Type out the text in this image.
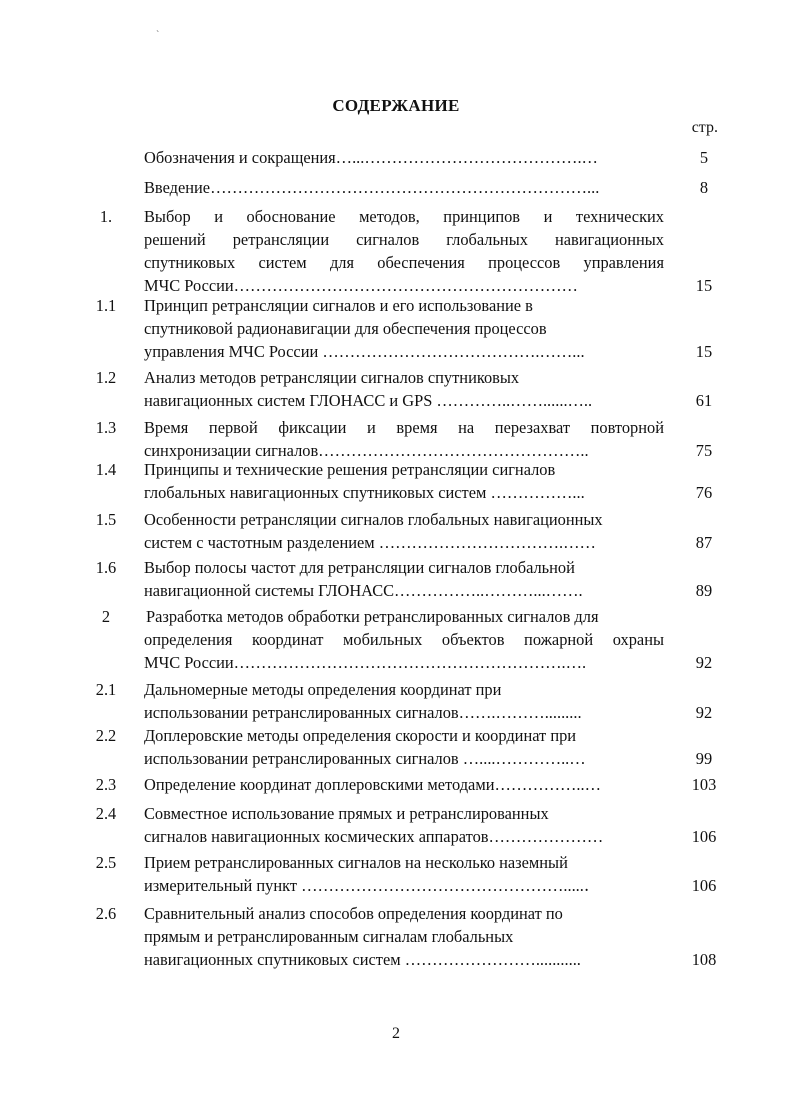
`
СОДЕРЖАНИЕ
стр.
Обозначения и сокращения…...………………………………….…	5
Введение……………………………………………………………...	8
1.	Выбор и обоснование методов, принципов и технических
решений ретрансляции сигналов глобальных навигационных
спутниковых систем для обеспечения процессов управления
МЧС России………………………………………………………	15
1.1	Принцип ретрансляции сигналов и его использование в
спутниковой радионавигации для обеспечения процессов
управления МЧС России ………………………………….……...	15
1.2	Анализ методов ретрансляции сигналов спутниковых
навигационных систем ГЛОНАСС и GPS …………..……......…..	61
1.3	Время первой фиксации и время на перезахват повторной
синхронизации сигналов…………………………………………..	75
1.4	Принципы и технические решения ретрансляции сигналов
глобальных навигационных спутниковых систем ……………...	76
1.5	Особенности ретрансляции сигналов глобальных навигационных
систем с частотным разделением …………………………….……	87
1.6	Выбор полосы частот для ретрансляции сигналов глобальной
навигационной системы ГЛОНАСС……………..………...…….	89
2	Разработка методов обработки ретранслированных сигналов для
определения координат мобильных объектов пожарной охраны
МЧС России…………………………………………………….….	92
2.1	Дальномерные методы определения координат при
использовании ретранслированных сигналов…….……….........	92
2.2	Доплеровские методы определения скорости и координат при
использовании ретранслированных сигналов …....…………..…	99
2.3	Определение координат доплеровскими методами……………..…	103
2.4	Совместное использование прямых и ретранслированных
сигналов навигационных космических аппаратов…………………	106
2.5	Прием ретранслированных сигналов на несколько наземный
измерительный пункт ………………………………………….....․	106
2.6	Сравнительный анализ способов определения координат по
прямым и ретранслированным сигналам глобальных
навигационных спутниковых систем ……………………...........	108
2
